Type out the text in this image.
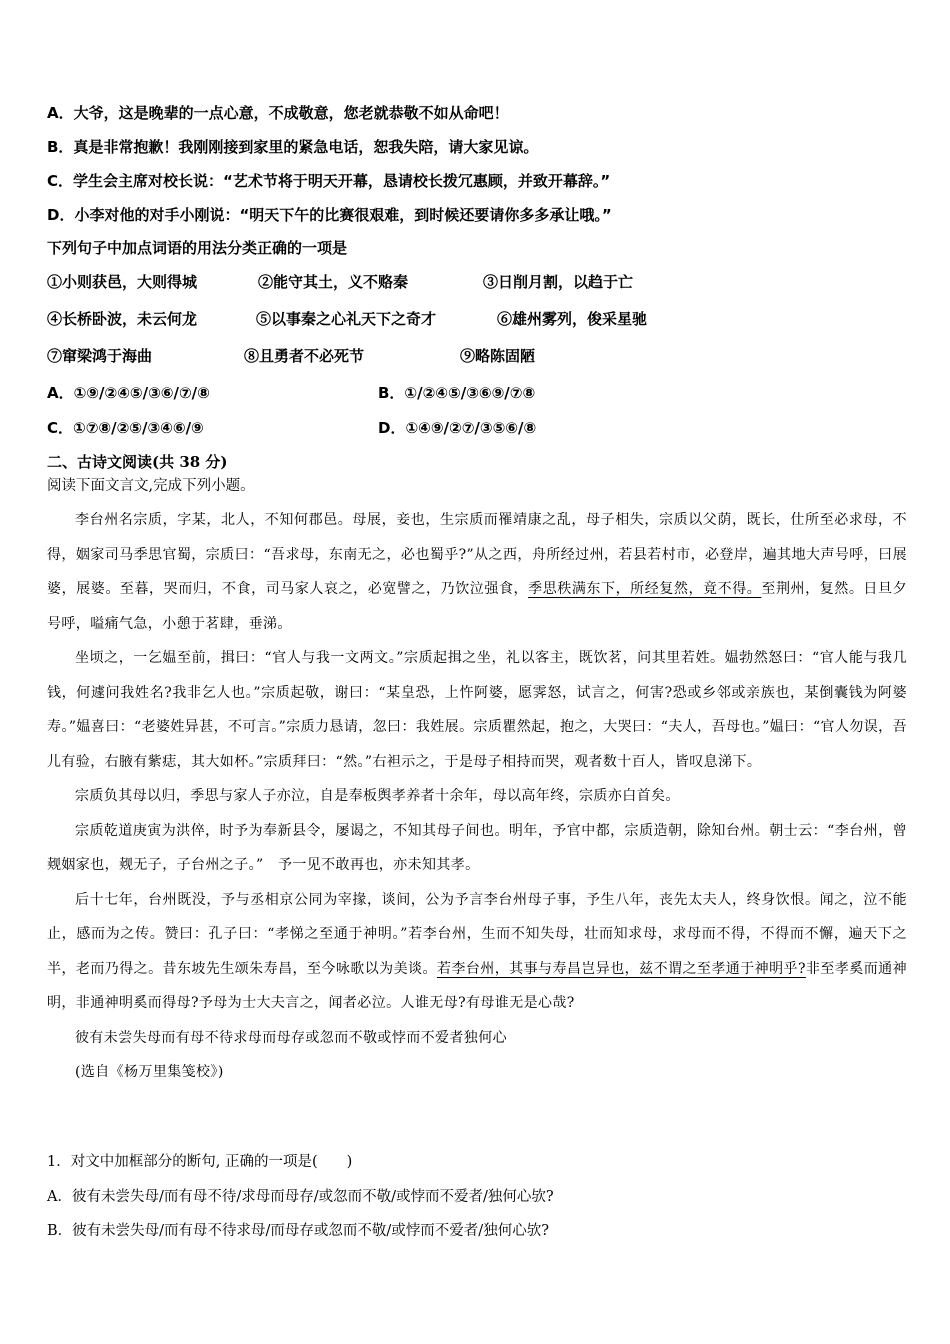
A．大爷，这是晚辈的一点心意，不成敬意，您老就恭敬不如从命吧！
B．真是非常抱歉！我刚刚接到家里的紧急电话，恕我失陪，请大家见谅。
C．学生会主席对校长说：“艺术节将于明天开幕，恳请校长拨冗惠顾，并致开幕辞。”
D．小李对他的对手小刚说：“明天下午的比赛很艰难，到时候还要请你多多承让哦。”
下列句子中加点词语的用法分类正确的一项是
①小则获邑，大则得城	②能守其土，义不赂秦	③日削月割，以趋于亡
④长桥卧波，未云何龙	⑤以事秦之心礼天下之奇才	⑥雄州雾列，俊采星驰
⑦窜梁鸿于海曲	⑧且勇者不必死节	⑨略陈固陋
A．①⑨/②④⑤/③⑥/⑦/⑧	B．①/②④⑤/③⑥⑨/⑦⑧
C．①⑦⑧/②⑤/③④⑥/⑨	D．①④⑨/②⑦/③⑤⑥/⑧
二、古诗文阅读(共 38 分)
阅读下面文言文,完成下列小题。

李台州名宗质，字某，北人，不知何郡邑。母展，妾也，生宗质而罹靖康之乱，母子相失，宗质以父荫，既长，仕所至必求母，不得，姻家司马季思官蜀，宗质曰：“吾求母，东南无之，必也蜀乎?”从之西，舟所经过州，若县若村市，必登岸，遍其地大声号呼，曰展婆，展婆。至暮，哭而归，不食，司马家人哀之，必宽譬之，乃饮泣强食，季思秩满东下，所经复然，竟不得。至荆州，复然。日旦夕号呼，嗌痛气急，小憩于茗肆，垂涕。

坐顷之，一乞媪至前，揖曰：“官人与我一文两文。”宗质起揖之坐，礼以客主，既饮茗，问其里若姓。媪勃然怒曰：“官人能与我几钱，何遽问我姓名?我非乞人也。”宗质起敬，谢曰：“某皇恐，上忤阿婆，愿霁怒，试言之，何害?恐或乡邻或亲族也，某倒囊钱为阿婆寿。”媪喜曰：“老婆姓异甚，不可言。”宗质力恳请，忽曰：我姓展。宗质瞿然起，抱之，大哭曰：“夫人，吾母也。”媪曰：“官人勿误，吾儿有验，右腋有紫痣，其大如杯。”宗质拜曰：“然。”右袒示之，于是母子相持而哭，观者数十百人，皆叹息涕下。

宗质负其母以归，季思与家人子亦泣，自是奉板舆孝养者十余年，母以高年终，宗质亦白首矣。

宗质乾道庚寅为洪倅，时予为奉新县令，屡谒之，不知其母子间也。明年，予官中都，宗质造朝，除知台州。朝士云：“李台州，曾觌姻家也，觌无子，子台州之子。”　予一见不敢再也，亦未知其孝。

后十七年，台州既没，予与丞相京公同为宰掾，谈间，公为予言李台州母子事，予生八年，丧先太夫人，终身饮恨。闻之，泣不能止，感而为之传。赞曰：孔子曰：“孝悌之至通于神明。”若李台州，生而不知失母，壮而知求母，求母而不得，不得而不懈，遍天下之半，老而乃得之。昔东坡先生颂朱寿昌，至今咏歌以为美谈。若李台州，其事与寿昌岂异也，兹不谓之至孝通于神明乎?非至孝奚而通神明，非通神明奚而得母?予母为士大夫言之，闻者必泣。人谁无母?有母谁无是心哉?

彼有未尝失母而有母不待求母而母存或忽而不敬或悖而不爱者独何心

(选自《杨万里集笺校》)

1．对文中加框部分的断句, 正确的一项是(　　)
A．彼有未尝失母/而有母不待/求母而母存/或忽而不敬/或悖而不爱者/独何心欤?
B．彼有未尝失母/而有母不待求母/而母存或忽而不敬/或悖而不爱者/独何心欤?
